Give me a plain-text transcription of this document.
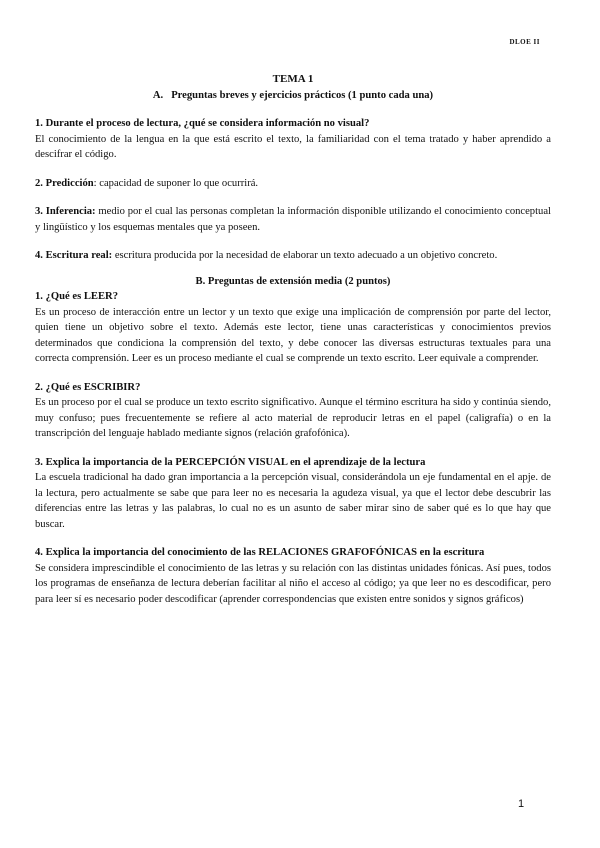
DLOE II

TEMA 1

A. Preguntas breves y ejercicios prácticos (1 punto cada una)

1. Durante el proceso de lectura, ¿qué se considera información no visual?

El conocimiento de la lengua en la que está escrito el texto, la familiaridad con el tema tratado y haber aprendido a descifrar el código.

2. Predicción: capacidad de suponer lo que ocurrirá.

3. Inferencia: medio por el cual las personas completan la información disponible utilizando el conocimiento conceptual y lingüístico y los esquemas mentales que ya poseen.

4. Escritura real: escritura producida por la necesidad de elaborar un texto adecuado a un objetivo concreto.

B. Preguntas de extensión media (2 puntos)

1. ¿Qué es LEER?

Es un proceso de interacción entre un lector y un texto que exige una implicación de comprensión por parte del lector, quien tiene un objetivo sobre el texto. Además este lector, tiene unas características y conocimientos previos determinados que condiciona la comprensión del texto, y debe conocer las diversas estructuras textuales para una correcta comprensión. Leer es un proceso mediante el cual se comprende un texto escrito. Leer equivale a comprender.

2. ¿Qué es ESCRIBIR?

Es un proceso por el cual se produce un texto escrito significativo. Aunque el término escritura ha sido y continúa siendo, muy confuso; pues frecuentemente se refiere al acto material de reproducir letras en el papel (caligrafía) o en la transcripción del lenguaje hablado mediante signos (relación grafofónica).

3. Explica la importancia de la PERCEPCIÓN VISUAL en el aprendizaje de la lectura

La escuela tradicional ha dado gran importancia a la percepción visual, considerándola un eje fundamental en el apje. de la lectura, pero actualmente se sabe que para leer no es necesaria la agudeza visual, ya que el lector debe descubrir las diferencias entre las letras y las palabras, lo cual no es un asunto de saber mirar sino de saber qué es lo que hay que buscar.

4. Explica la importancia del conocimiento de las RELACIONES GRAFOFÓNICAS en la escritura

Se considera imprescindible el conocimiento de las letras y su relación con las distintas unidades fónicas. Así pues, todos los programas de enseñanza de lectura deberían facilitar al niño el acceso al código; ya que leer no es descodificar, pero para leer sí es necesario poder descodificar (aprender correspondencias que existen entre sonidos y signos gráficos)

1
